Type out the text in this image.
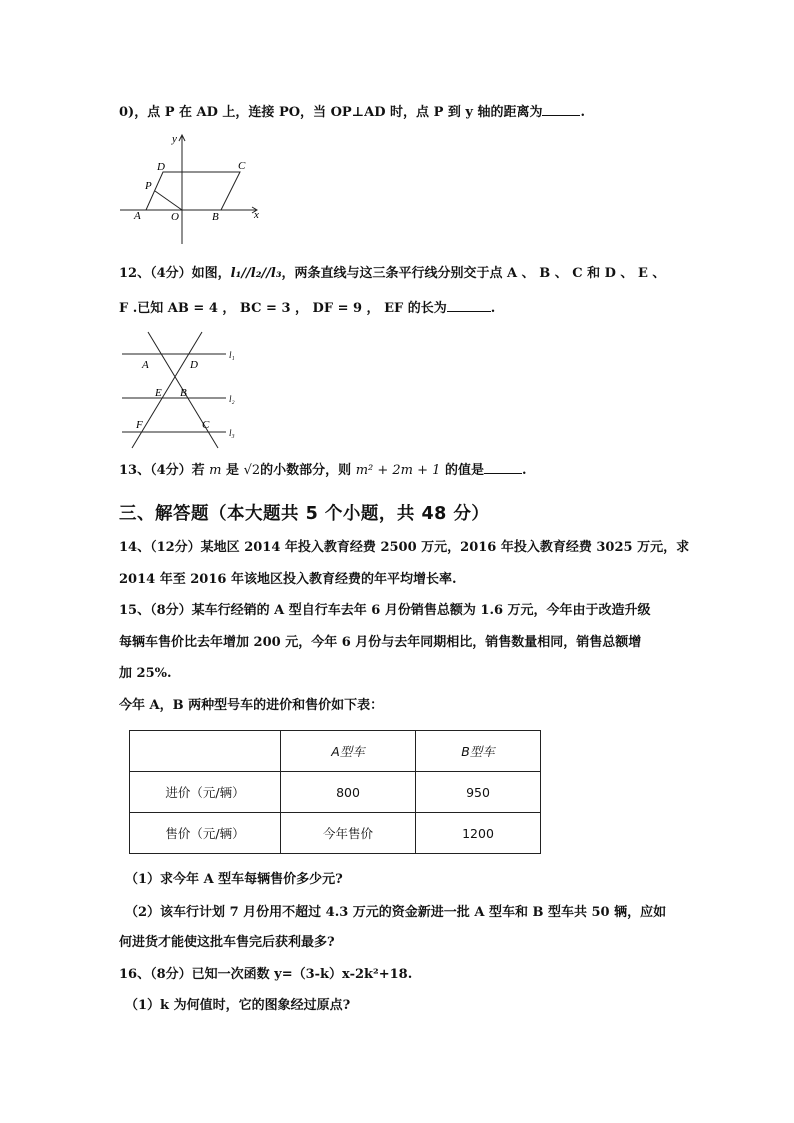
0)，点 P 在 AD 上，连接 PO，当 OP⊥AD 时，点 P 到 y 轴的距离为	.
y
x
D	C
P
A	O	B
12、（4分）如图，l₁//l₂//l₃，两条直线与这三条平行线分别交于点 A 、 B 、 C 和 D 、 E 、
F .已知 AB = 4 ， BC = 3 ， DF = 9 ， EF 的长为	.
A	D
E B
F	C
l₁
l₂
l₃
13、（4分）若 m 是 √2的小数部分，则 m² + 2m + 1 的值是	.
三、解答题（本大题共 5 个小题，共 48 分）
14、（12分）某地区 2014 年投入教育经费 2500 万元，2016 年投入教育经费 3025 万元，求
2014 年至 2016 年该地区投入教育经费的年平均增长率.
15、（8分）某车行经销的 A 型自行车去年 6 月份销售总额为 1.6 万元，今年由于改造升级
每辆车售价比去年增加 200 元，今年 6 月份与去年同期相比，销售数量相同，销售总额增
加 25%.
今年 A，B 两种型号车的进价和售价如下表：
	A型车	B型车
进价（元/辆）	800	950
售价（元/辆）	今年售价	1200
（1）求今年 A 型车每辆售价多少元?
（2）该车行计划 7 月份用不超过 4.3 万元的资金新进一批 A 型车和 B 型车共 50 辆，应如
何进货才能使这批车售完后获利最多?
16、（8分）已知一次函数 y=（3-k）x-2k²+18.
（1）k 为何值时，它的图象经过原点?
